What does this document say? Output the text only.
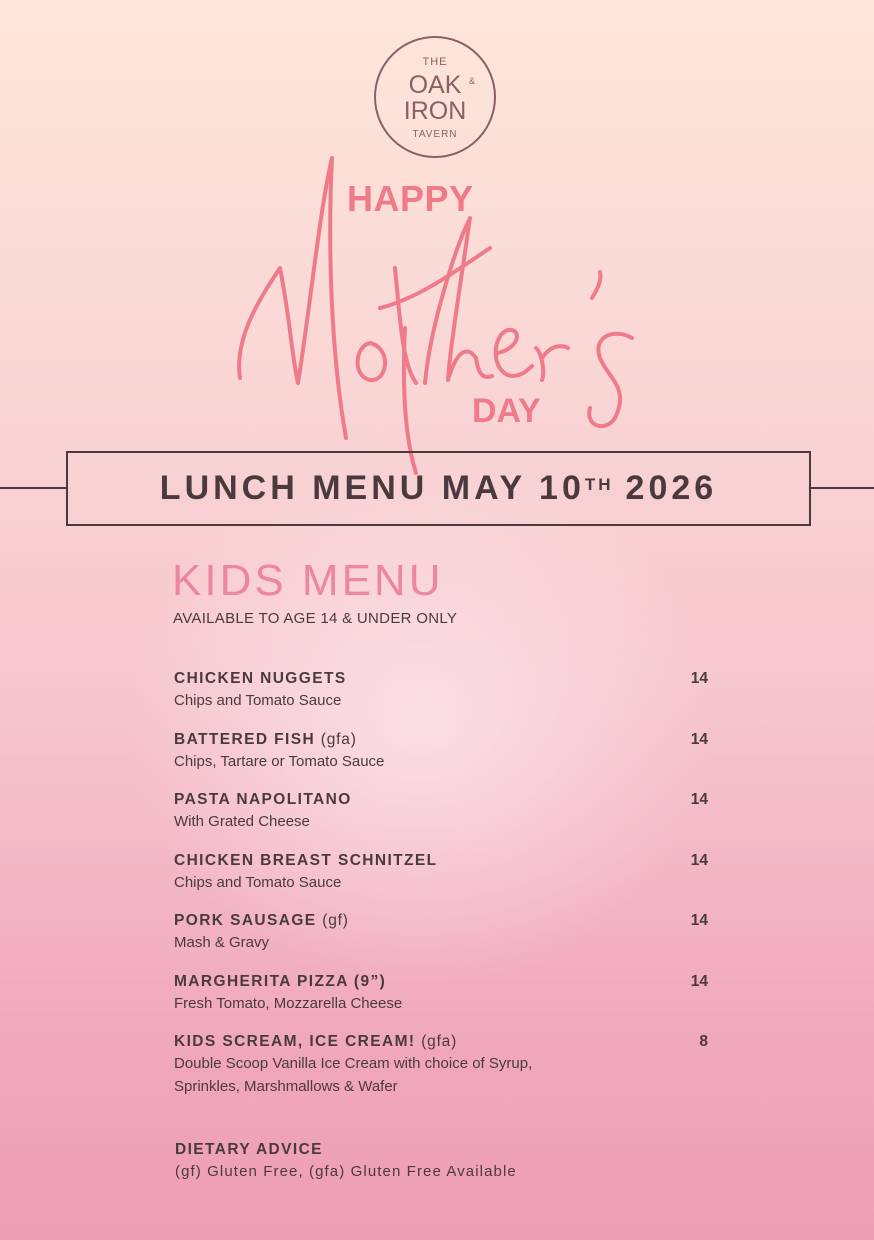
THE
OAK &
IRON
TAVERN
HAPPY
DAY
LUNCH MENU MAY 10TH 2026
KIDS MENU
AVAILABLE TO AGE 14 & UNDER ONLY
CHICKEN NUGGETS
Chips and Tomato Sauce
14
BATTERED FISH (gfa)
Chips, Tartare or Tomato Sauce
14
PASTA NAPOLITANO
With Grated Cheese
14
CHICKEN BREAST SCHNITZEL
Chips and Tomato Sauce
14
PORK SAUSAGE (gf)
Mash & Gravy
14
MARGHERITA PIZZA (9”)
Fresh Tomato, Mozzarella Cheese
14
KIDS SCREAM, ICE CREAM! (gfa)
Double Scoop Vanilla Ice Cream with choice of Syrup,
Sprinkles, Marshmallows & Wafer
8
DIETARY ADVICE
(gf) Gluten Free, (gfa) Gluten Free Available
